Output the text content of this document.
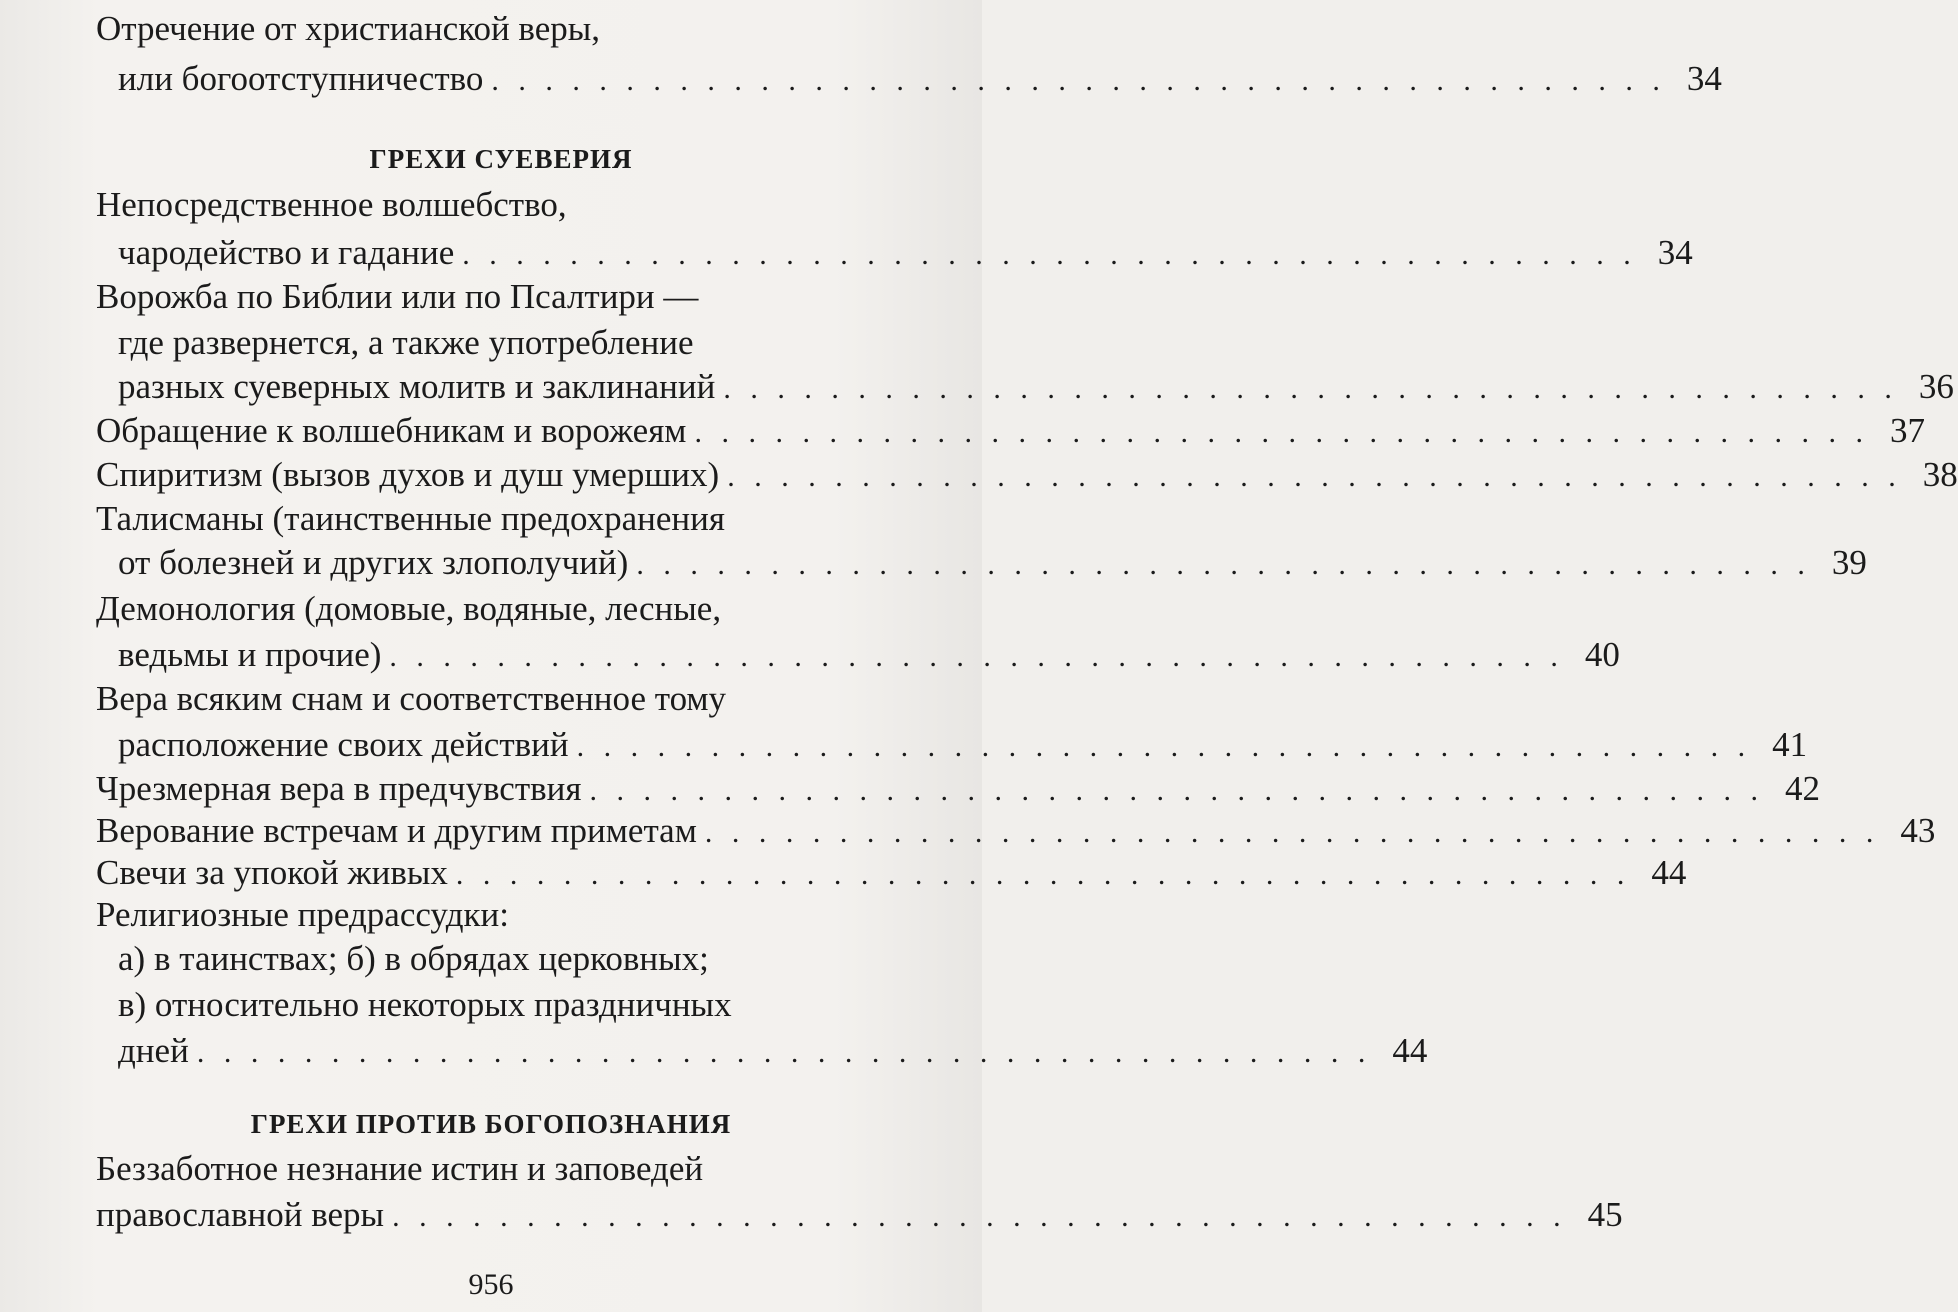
Отречение от христианской веры,
или богоотступничество . . . . . . . . . . . . . . . . . . . . . . . . . . . . . . . . . . . . . . . . . . . . 34
ГРЕХИ СУЕВЕРИЯ
Непосредственное волшебство,
чародейство и гадание . . . . . . . . . . . . . . . . . . . . . . . . . . . . . . . . . . . . . . . . . . . . 34
Ворожба по Библии или по Псалтири —
где развернется, а также употребление
разных суеверных молитв и заклинаний . . . . . . . . . . . . . . . . . . . . . . . . . . . . . . . . . . . . . . . . . . . . 36
Обращение к волшебникам и ворожеям . . . . . . . . . . . . . . . . . . . . . . . . . . . . . . . . . . . . . . . . . . . . 37
Спиритизм (вызов духов и душ умерших) . . . . . . . . . . . . . . . . . . . . . . . . . . . . . . . . . . . . . . . . . . . . 38
Талисманы (таинственные предохранения
от болезней и других злополучий) . . . . . . . . . . . . . . . . . . . . . . . . . . . . . . . . . . . . . . . . . . . . 39
Демонология (домовые, водяные, лесные,
ведьмы и прочие) . . . . . . . . . . . . . . . . . . . . . . . . . . . . . . . . . . . . . . . . . . . . 40
Вера всяким снам и соответственное тому
расположение своих действий . . . . . . . . . . . . . . . . . . . . . . . . . . . . . . . . . . . . . . . . . . . . 41
Чрезмерная вера в предчувствия . . . . . . . . . . . . . . . . . . . . . . . . . . . . . . . . . . . . . . . . . . . . 42
Верование встречам и другим приметам . . . . . . . . . . . . . . . . . . . . . . . . . . . . . . . . . . . . . . . . . . . . 43
Свечи за упокой живых . . . . . . . . . . . . . . . . . . . . . . . . . . . . . . . . . . . . . . . . . . . . 44
Религиозные предрассудки:
а) в таинствах; б) в обрядах церковных;
в) относительно некоторых праздничных
дней . . . . . . . . . . . . . . . . . . . . . . . . . . . . . . . . . . . . . . . . . . . . 44
ГРЕХИ ПРОТИВ БОГОПОЗНАНИЯ
Беззаботное незнание истин и заповедей
православной веры . . . . . . . . . . . . . . . . . . . . . . . . . . . . . . . . . . . . . . . . . . . . 45
956
